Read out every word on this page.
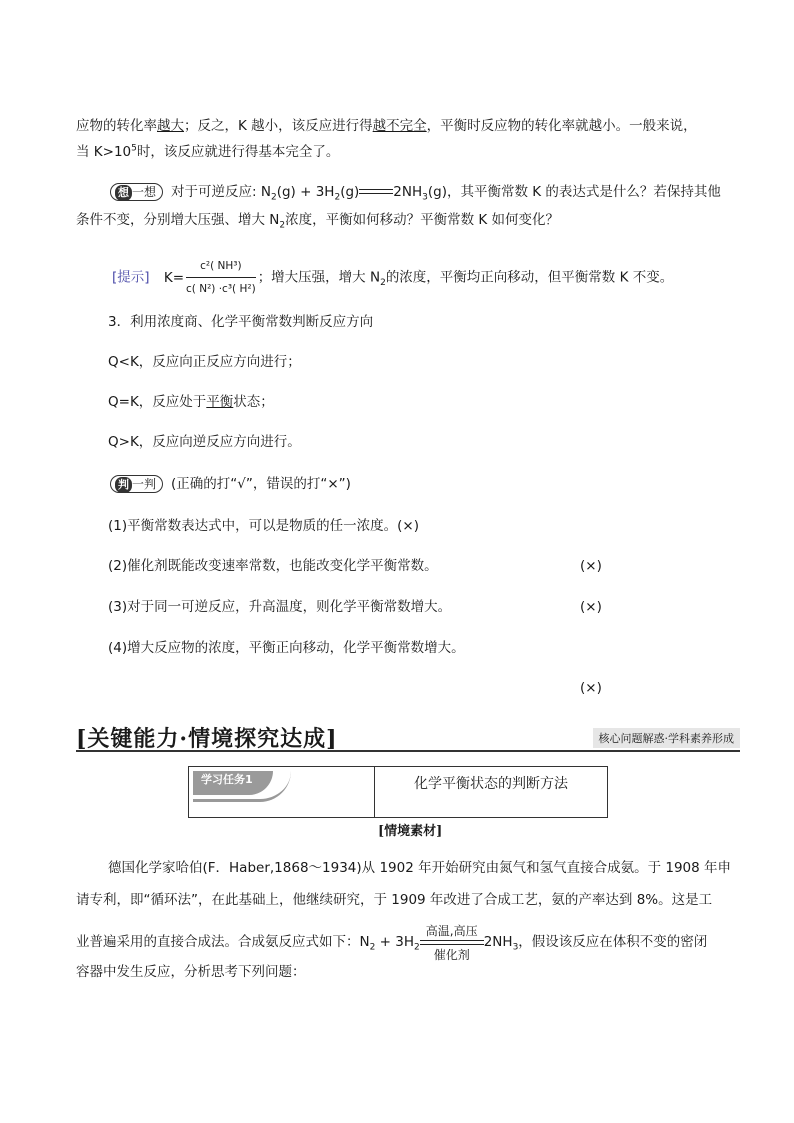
应物的转化率越大；反之，K 越小，该反应进行得越不完全，平衡时反应物的转化率就越小。一般来说，
当 $K>10^5$时，该反应就进行得基本完全了。
想 一想 对于可逆反应: $N_2(g) + 3H_2(g)$	$2NH_3(g)$，其平衡常数 K 的表达式是什么？若保持其他
条件不变，分别增大压强、增大 $N_2$浓度，平衡如何移动？平衡常数 K 如何变化？
[提示] $K= \frac{\text{c²( NH³)}}{\text{c( N²) ·c³( H²)}}$ ；增大压强，增大 $N_2$的浓度，平衡均正向移动，但平衡常数 K 不变。
3．利用浓度商、化学平衡常数判断反应方向
Q<K，反应向正反应方向进行；
Q=K，反应处于平衡状态；
Q>K，反应向逆反应方向进行。
判 一判 (正确的打“√”，错误的打“×”)
(1)平衡常数表达式中，可以是物质的任一浓度。(×)
(2)催化剂既能改变速率常数，也能改变化学平衡常数。	(×)
(3)对于同一可逆反应，升高温度，则化学平衡常数增大。	(×)
(4)增大反应物的浓度，平衡正向移动，化学平衡常数增大。
(×)
[关键能力·情境探究达成]	核心问题解惑·学科素养形成
学习任务1	化学平衡状态的判断方法
[情境素材]
德国化学家哈伯(F．Haber,1868～1934)从 1902 年开始研究由氮气和氢气直接合成氨。于 1908 年申
请专利，即“循环法”，在此基础上，他继续研究，于 1909 年改进了合成工艺，氨的产率达到 8%。这是工
业普遍采用的直接合成法。合成氨反应式如下：$N_2 + 3H_2$
高温,高压
催化剂
$2NH_3$，假设该反应在体积不变的密闭
容器中发生反应，分析思考下列问题：
